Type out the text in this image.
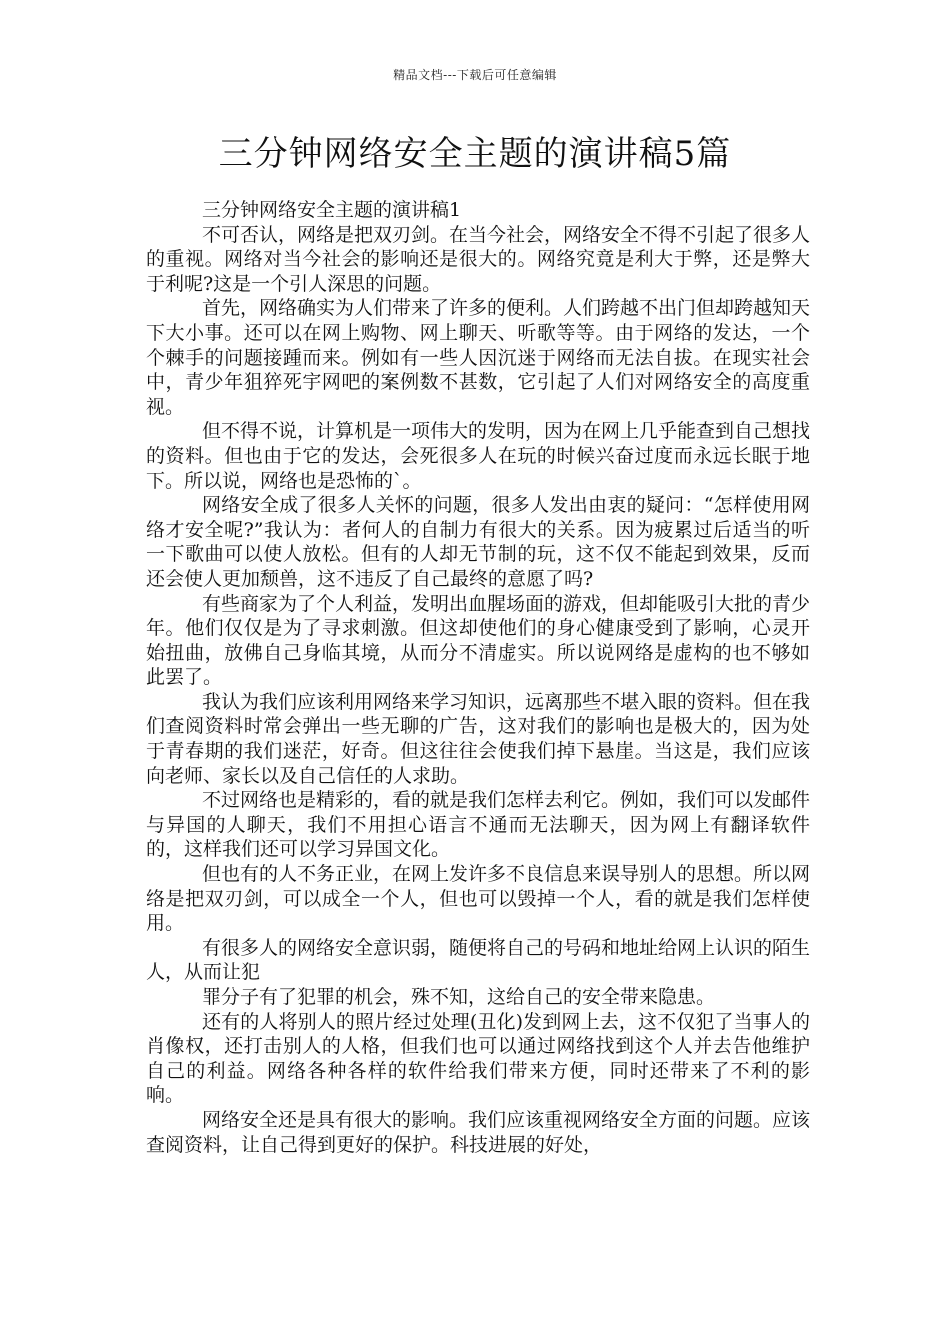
精品文档---下载后可任意编辑
三分钟网络安全主题的演讲稿5篇

三分钟网络安全主题的演讲稿1

不可否认，网络是把双刃剑。在当今社会，网络安全不得不引起了很多人的重视。网络对当今社会的影响还是很大的。网络究竟是利大于弊，还是弊大于利呢?这是一个引人深思的问题。

首先，网络确实为人们带来了许多的便利。人们跨越不出门但却跨越知天下大小事。还可以在网上购物、网上聊天、听歌等等。由于网络的发达，一个个棘手的问题接踵而来。例如有一些人因沉迷于网络而无法自拔。在现实社会中，青少年狙猝死宇网吧的案例数不甚数，它引起了人们对网络安全的高度重视。

但不得不说，计算机是一项伟大的发明，因为在网上几乎能查到自己想找的资料。但也由于它的发达，会死很多人在玩的时候兴奋过度而永远长眠于地下。所以说，网络也是恐怖的`。

网络安全成了很多人关怀的问题，很多人发出由衷的疑问：“怎样使用网络才安全呢?”我认为：者何人的自制力有很大的关系。因为疲累过后适当的听一下歌曲可以使人放松。但有的人却无节制的玩，这不仅不能起到效果，反而还会使人更加颓兽，这不违反了自己最终的意愿了吗?

有些商家为了个人利益，发明出血腥场面的游戏，但却能吸引大批的青少年。他们仅仅是为了寻求刺激。但这却使他们的身心健康受到了影响，心灵开始扭曲，放佛自己身临其境，从而分不清虚实。所以说网络是虚构的也不够如此罢了。

我认为我们应该利用网络来学习知识，远离那些不堪入眼的资料。但在我们查阅资料时常会弹出一些无聊的广告，这对我们的影响也是极大的，因为处于青春期的我们迷茫，好奇。但这往往会使我们掉下悬崖。当这是，我们应该向老师、家长以及自己信任的人求助。

不过网络也是精彩的，看的就是我们怎样去利它。例如，我们可以发邮件与异国的人聊天，我们不用担心语言不通而无法聊天，因为网上有翻译软件的，这样我们还可以学习异国文化。

但也有的人不务正业，在网上发许多不良信息来误导别人的思想。所以网络是把双刃剑，可以成全一个人，但也可以毁掉一个人，看的就是我们怎样使用。

有很多人的网络安全意识弱，随便将自己的号码和地址给网上认识的陌生人，从而让犯

罪分子有了犯罪的机会，殊不知，这给自己的安全带来隐患。

还有的人将别人的照片经过处理(丑化)发到网上去，这不仅犯了当事人的肖像权，还打击别人的人格，但我们也可以通过网络找到这个人并去告他维护自己的利益。网络各种各样的软件给我们带来方便，同时还带来了不利的影响。

网络安全还是具有很大的影响。我们应该重视网络安全方面的问题。应该查阅资料，让自己得到更好的保护。科技进展的好处，
